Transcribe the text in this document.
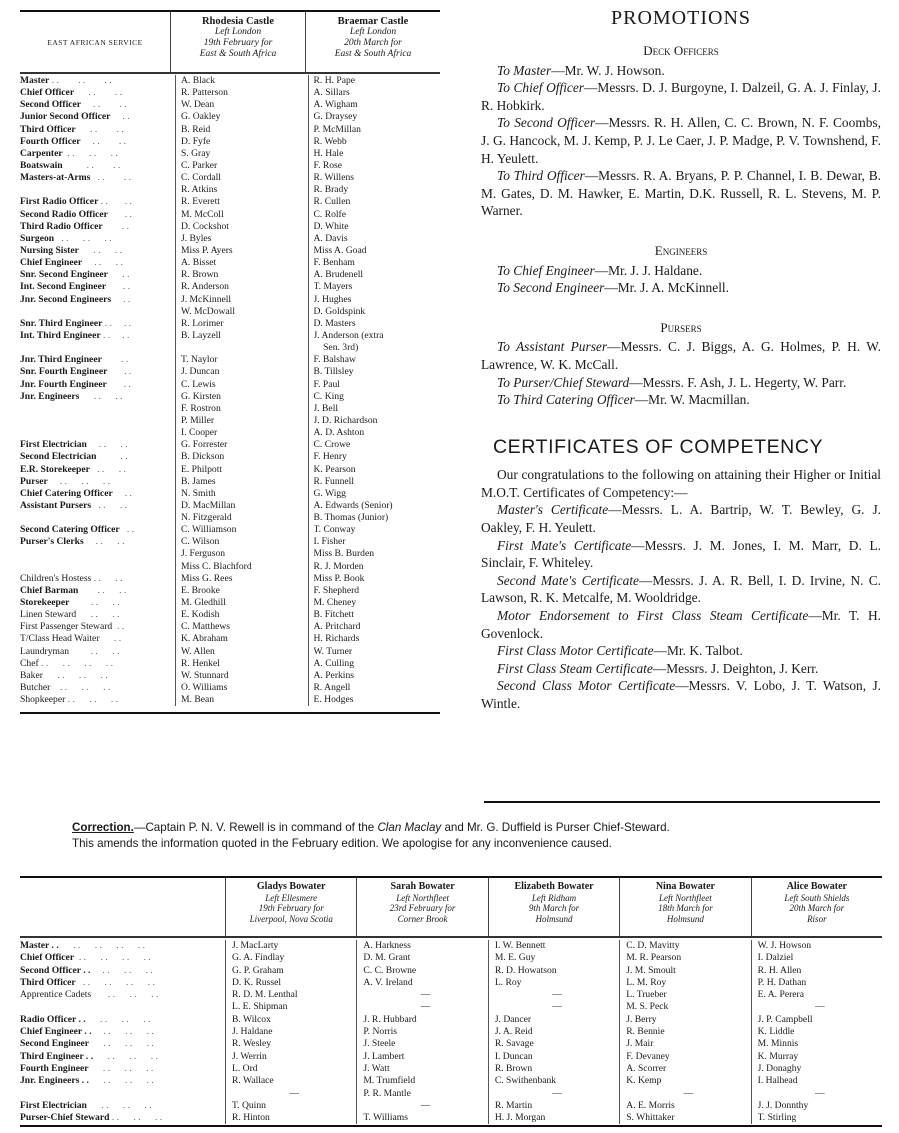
EAST AFRICAN SERVICE
Rhodesia Castle
Left London
19th February for
East & South Africa
Braemar Castle
Left London
20th March for
East & South Africa
Master . .        . .        . .
Chief Officer      . .        . .
Second Officer     . .        . .
Junior Second Officer     . .
Third Officer      . .        . .
Fourth Officer     . .        . .
Carpenter  . .      . .      . .
Boatswain          . .        . .
Masters-at-Arms   . .        . .
First Radio Officer . .       . .
Second Radio Officer       . .
Third Radio Officer        . .
Surgeon   . .      . .      . .
Nursing Sister      . .      . .
Chief Engineer     . .      . .
Snr. Second Engineer      . .
Int. Second Engineer       . .
Jnr. Second Engineers     . .
Snr. Third Engineer . .     . .
Int. Third Engineer . .     . .
Jnr. Third Engineer        . .
Snr. Fourth Engineer       . .
Jnr. Fourth Engineer       . .
Jnr. Engineers      . .      . .
First Electrician     . .      . .
Second Electrician          . .
E.R. Storekeeper   . .      . .
Purser     . .      . .      . .
Chief Catering Officer     . .
Assistant Pursers   . .      . .
Second Catering Officer   . .
Purser's Clerks     . .      . .
Children's Hostess . .      . .
Chief Barman        . .      . .
Storekeeper         . .      . .
Linen Steward      . .      . .
First Passenger Steward  . .
T/Class Head Waiter      . .
Laundryman         . .      . .
Chef . .      . .      . .      . .
Baker      . .      . .      . .
Butcher    . .      . .      . .
Shopkeeper . .      . .      . .
A. Black
R. Patterson
W. Dean
G. Oakley
B. Reid
D. Fyfe
S. Gray
C. Parker
C. Cordall
R. Atkins
R. Everett
M. McColl
D. Cockshot
J. Byles
Miss P. Ayers
A. Bisset
R. Brown
R. Anderson
J. McKinnell
W. McDowall
R. Lorimer
B. Layzell
T. Naylor
J. Duncan
C. Lewis
G. Kirsten
F. Rostron
P. Miller
I. Cooper
G. Forrester
B. Dickson
E. Philpott
B. James
N. Smith
D. MacMillan
N. Fitzgerald
C. Williamson
C. Wilson
J. Ferguson
Miss C. Blachford
Miss G. Rees
E. Brooke
M. Gledhill
E. Kodish
C. Matthews
K. Abraham
W. Allen
R. Henkel
W. Stunnard
O. Williams
M. Bean
R. H. Pape
A. Sillars
A. Wigham
G. Draysey
P. McMillan
R. Webb
H. Hale
F. Rose
R. Willens
R. Brady
R. Cullen
C. Rolfe
D. White
A. Davis
Miss A. Goad
F. Benham
A. Brudenell
T. Mayers
J. Hughes
D. Goldspink
D. Masters
J. Anderson (extra
Sen. 3rd)
F. Balshaw
B. Tillsley
F. Paul
C. King
J. Bell
J. D. Richardson
A. D. Ashton
C. Crowe
F. Henry
K. Pearson
R. Funnell
G. Wigg
A. Edwards (Senior)
B. Thomas (Junior)
T. Conway
I. Fisher
Miss B. Burden
R. J. Morden
Miss P. Book
F. Shepherd
M. Cheney
B. Fitchett
A. Pritchard
H. Richards
W. Turner
A. Culling
A. Perkins
R. Angell
E. Hodges
PROMOTIONS
Deck Officers

To Master—Mr. W. J. Howson.

To Chief Officer—Messrs. D. J. Burgoyne, I. Dalzeil, G. A. J. Finlay, J. R. Hobkirk.

To Second Officer—Messrs. R. H. Allen, C. C. Brown, N. F. Coombs, J. G. Hancock, M. J. Kemp, P. J. Le Caer, J. P. Madge, P. V. Townshend, F. H. Yeulett.

To Third Officer—Messrs. R. A. Bryans, P. P. Channel, I. B. Dewar, B. M. Gates, D. M. Hawker, E. Martin, D.K. Russell, R. L. Stevens, M. P. Warner.

Engineers

To Chief Engineer—Mr. J. J. Haldane.

To Second Engineer—Mr. J. A. McKinnell.

Pursers

To Assistant Purser—Messrs. C. J. Biggs, A. G. Holmes, P. H. W. Lawrence, W. K. McCall.

To Purser/Chief Steward—Messrs. F. Ash, J. L. Hegerty, W. Parr.

To Third Catering Officer—Mr. W. Macmillan.

CERTIFICATES OF COMPETENCY

Our congratulations to the following on attaining their Higher or Initial M.O.T. Certificates of Competency:—

Master's Certificate—Messrs. L. A. Bartrip, W. T. Bewley, G. J. Oakley, F. H. Yeulett.

First Mate's Certificate—Messrs. J. M. Jones, I. M. Marr, D. L. Sinclair, F. Whiteley.

Second Mate's Certificate—Messrs. J. A. R. Bell, I. D. Irvine, N. C. Lawson, R. K. Metcalfe, M. Wooldridge.

Motor Endorsement to First Class Steam Certificate—Mr. T. H. Govenlock.

First Class Motor Certificate—Mr. K. Talbot.

First Class Steam Certificate—Messrs. J. Deighton, J. Kerr.

Second Class Motor Certificate—Messrs. V. Lobo, J. T. Watson, J. Wintle.

Correction.—Captain P. N. V. Rewell is in command of the Clan Maclay and Mr. G. Duffield is Purser Chief-Steward.
This amends the information quoted in the February edition. We apologise for any inconvenience caused.
Gladys Bowater
Left Ellesmere
19th February for
Liverpool, Nova Scotia
Sarah Bowater
Left Northfleet
23rd February for
Corner Brook
Elizabeth Bowater
Left Ridham
9th March for
Holmsund
Nina Bowater
Left Northfleet
18th March for
Holmsund
Alice Bowater
Left South Shields
20th March for
Risor
Master . .      . .      . .      . .      . .
Chief Officer  . .      . .      . .      . .
Second Officer . .     . .      . .      . .
Third Officer   . .      . .      . .      . .
Apprentice Cadets       . .      . .      . .
Radio Officer . .      . .      . .      . .
Chief Engineer . .     . .      . .      . .
Second Engineer      . .      . .      . .
Third Engineer . .      . .      . .      . .
Fourth Engineer      . .      . .      . .
Jnr. Engineers . .      . .      . .      . .
First Electrician      . .      . .      . .
Purser-Chief Steward . .      . .      . .
J. MacLarty
G. A. Findlay
G. P. Graham
D. K. Russel
R. D. M. Lenthal
L. E. Shipman
B. Wilcox
J. Haldane
R. Wesley
J. Werrin
L. Ord
R. Wallace
—
T. Quinn
R. Hinton
A. Harkness
D. M. Grant
C. C. Browne
A. V. Ireland
—
—
J. R. Hubbard
P. Norris
J. Steele
J. Lambert
J. Watt
M. Trumfield
P. R. Mantle
—
T. Williams
I. W. Bennett
M. E. Guy
R. D. Howatson
L. Roy
—
—
J. Dancer
J. A. Reid
R. Savage
I. Duncan
R. Brown
C. Swithenbank
—
R. Martin
H. J. Morgan
C. D. Mavitty
M. R. Pearson
J. M. Smoult
L. M. Roy
L. Trueber
M. S. Peck
J. Berry
R. Bennie
J. Mair
F. Devaney
A. Scorrer
K. Kemp
—
A. E. Morris
S. Whittaker
W. J. Howson
I. Dalziel
R. H. Allen
P. H. Dathan
E. A. Perera
—
J. P. Campbell
K. Liddle
M. Minnis
K. Murray
J. Donaghy
I. Halhead
—
J. J. Donnthy
T. Stirling
